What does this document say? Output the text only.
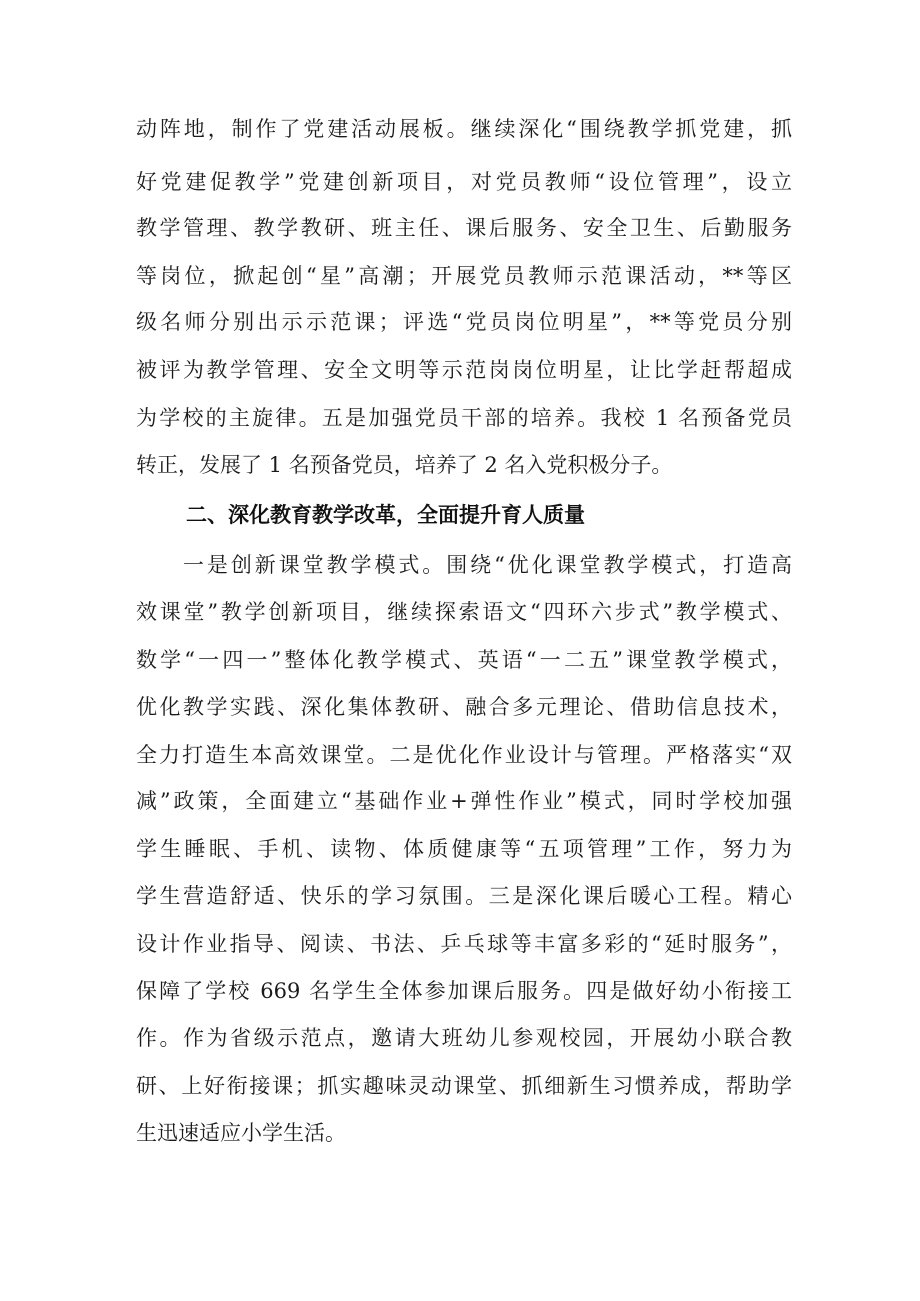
动阵地，制作了党建活动展板。继续深化“围绕教学抓党建，抓
好党建促教学”党建创新项目，对党员教师“设位管理”，设立
教学管理、教学教研、班主任、课后服务、安全卫生、后勤服务
等岗位，掀起创“星”高潮；开展党员教师示范课活动，**等区
级名师分别出示示范课；评选“党员岗位明星”，**等党员分别
被评为教学管理、安全文明等示范岗岗位明星，让比学赶帮超成
为学校的主旋律。五是加强党员干部的培养。我校 1 名预备党员
转正，发展了 1 名预备党员，培养了 2 名入党积极分子。
二、深化教育教学改革，全面提升育人质量
一是创新课堂教学模式。围绕“优化课堂教学模式，打造高
效课堂”教学创新项目，继续探索语文“四环六步式”教学模式、
数学“一四一”整体化教学模式、英语“一二五”课堂教学模式，
优化教学实践、深化集体教研、融合多元理论、借助信息技术，
全力打造生本高效课堂。二是优化作业设计与管理。严格落实“双
减”政策，全面建立“基础作业+弹性作业”模式，同时学校加强
学生睡眠、手机、读物、体质健康等“五项管理”工作，努力为
学生营造舒适、快乐的学习氛围。三是深化课后暖心工程。精心
设计作业指导、阅读、书法、乒乓球等丰富多彩的“延时服务”，
保障了学校 669 名学生全体参加课后服务。四是做好幼小衔接工
作。作为省级示范点，邀请大班幼儿参观校园，开展幼小联合教
研、上好衔接课；抓实趣味灵动课堂、抓细新生习惯养成，帮助学
生迅速适应小学生活。
